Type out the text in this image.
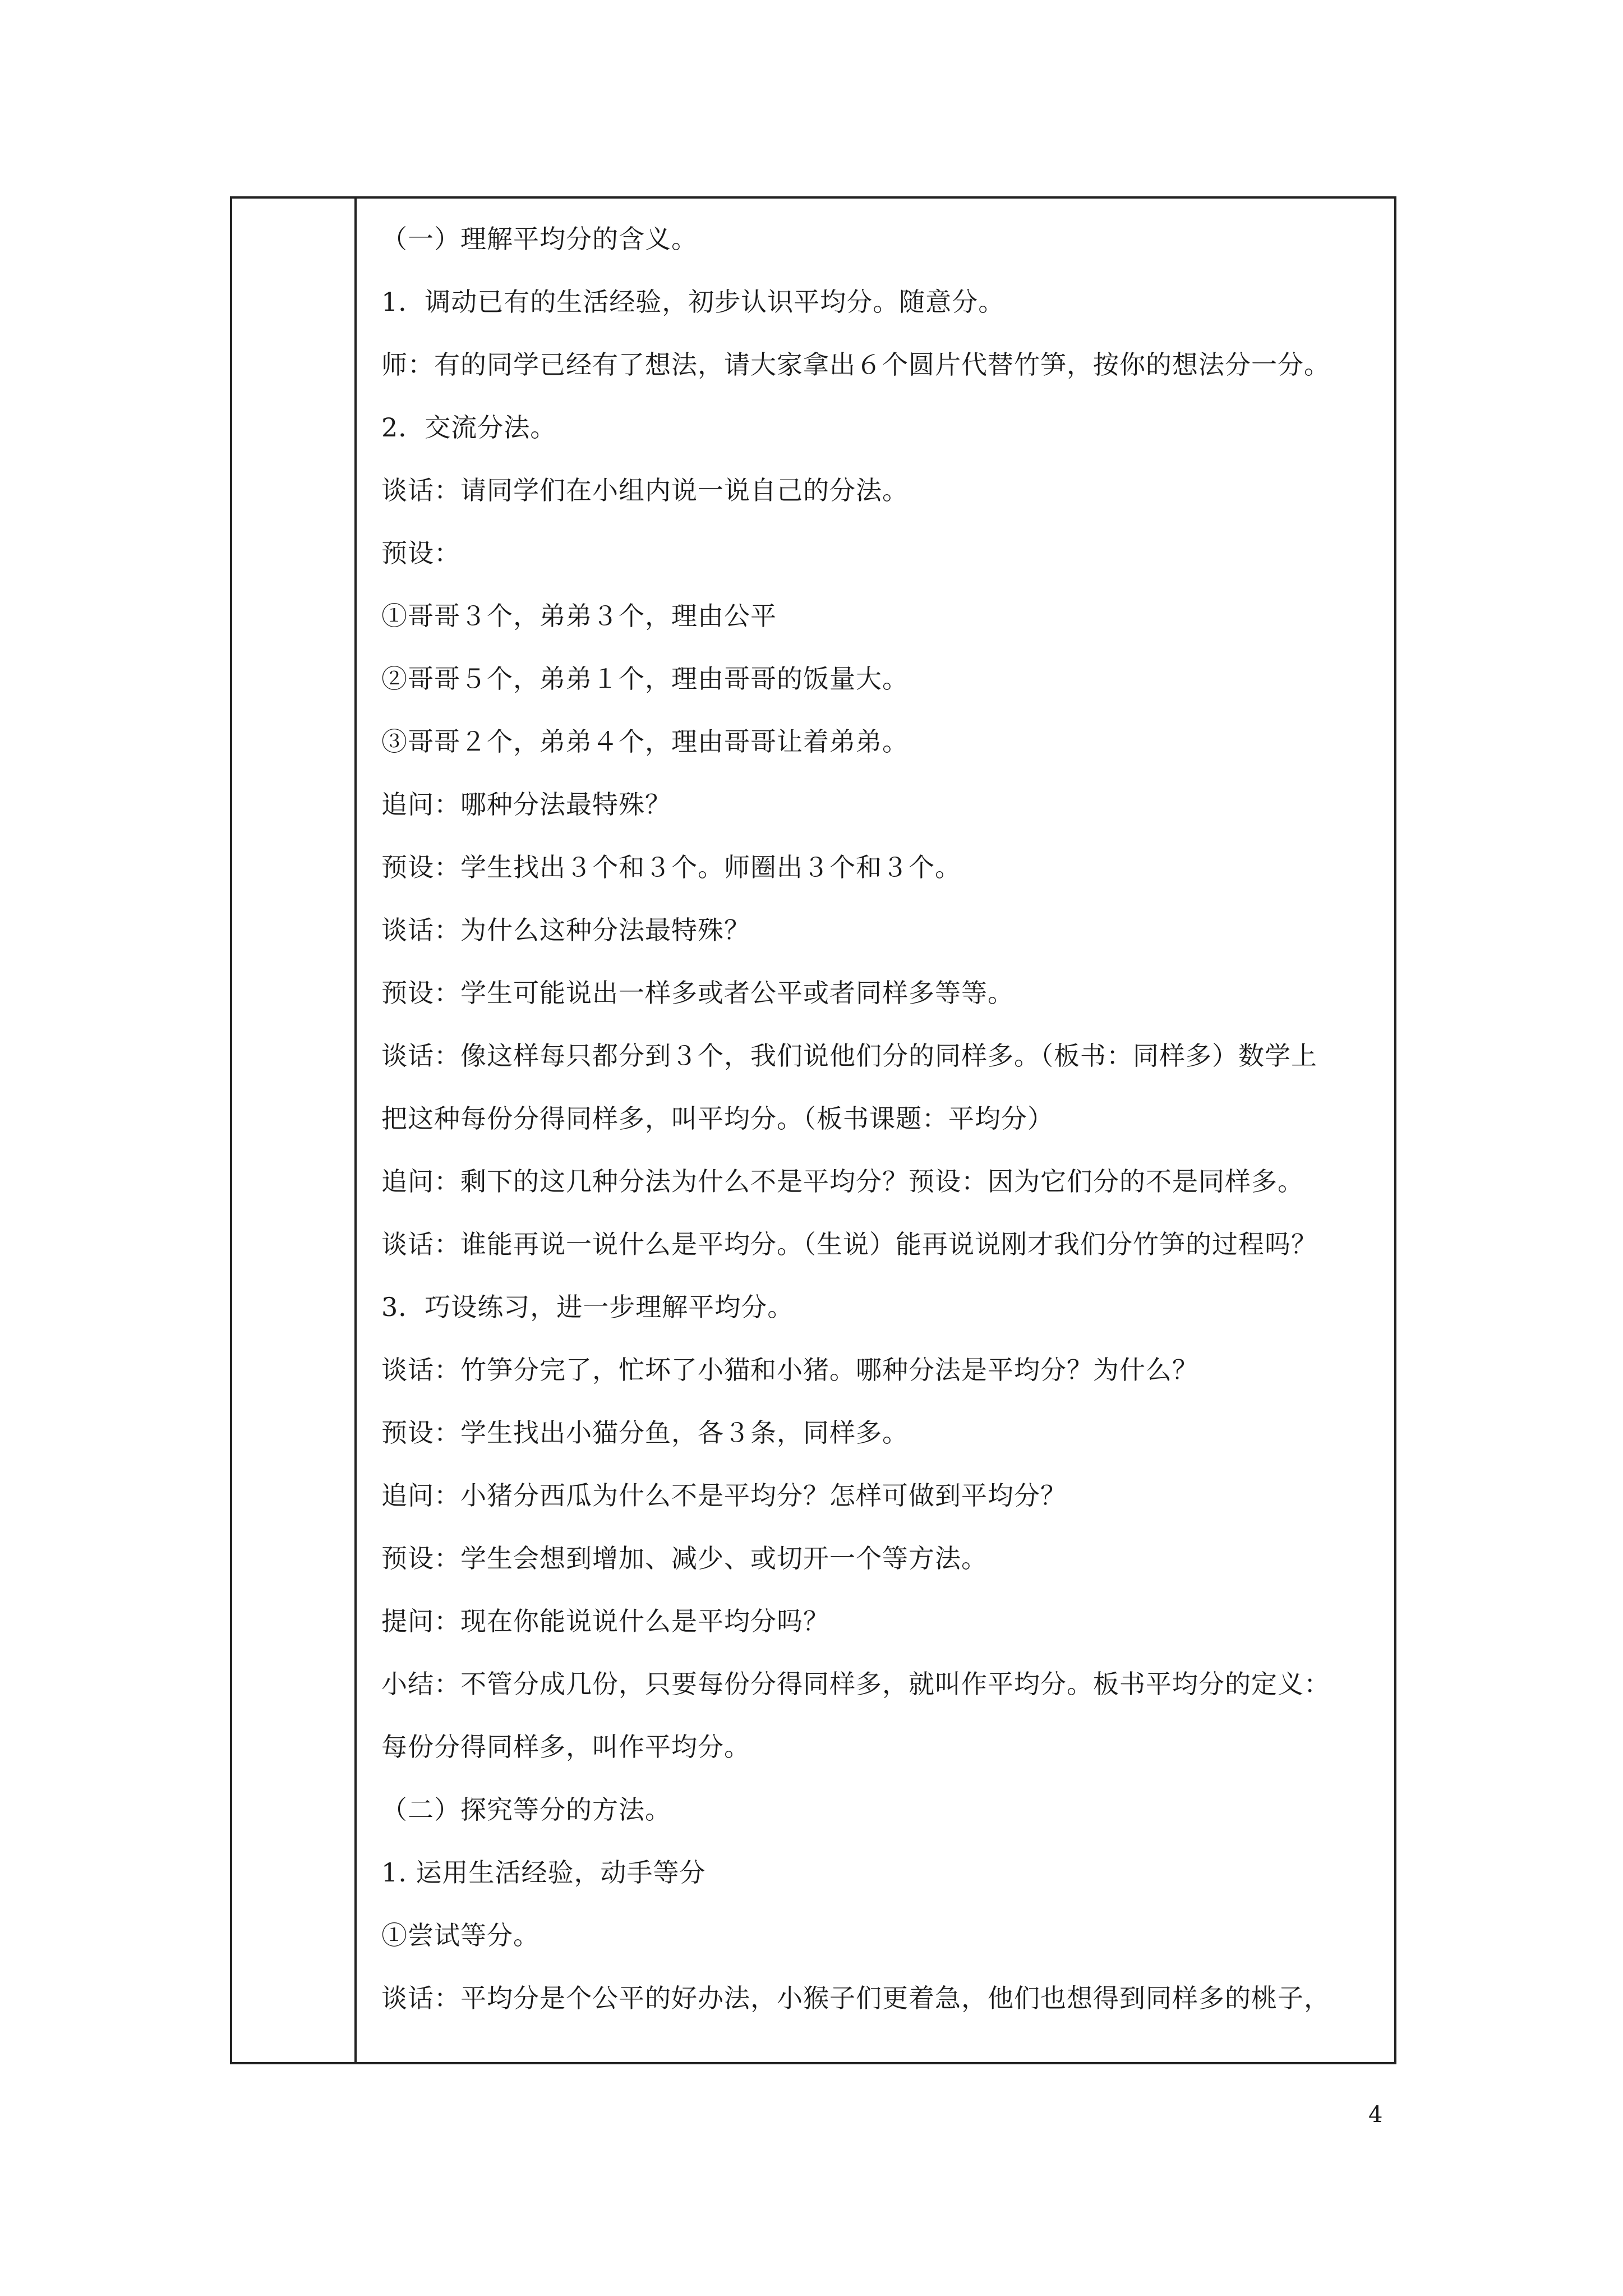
（一）理解平均分的含义。
1．调动已有的生活经验，初步认识平均分。随意分。
师：有的同学已经有了想法，请大家拿出６个圆片代替竹笋，按你的想法分一分。
2．交流分法。
谈话：请同学们在小组内说一说自己的分法。
预设：
①哥哥３个，弟弟３个，理由公平
②哥哥５个，弟弟１个，理由哥哥的饭量大。
③哥哥２个，弟弟４个，理由哥哥让着弟弟。
追问：哪种分法最特殊？
预设：学生找出３个和３个。师圈出３个和３个。
谈话：为什么这种分法最特殊？
预设：学生可能说出一样多或者公平或者同样多等等。
谈话：像这样每只都分到３个，我们说他们分的同样多。（板书：同样多）数学上
把这种每份分得同样多，叫平均分。（板书课题：平均分）
追问：剩下的这几种分法为什么不是平均分？预设：因为它们分的不是同样多。
谈话：谁能再说一说什么是平均分。（生说）能再说说刚才我们分竹笋的过程吗？
3．巧设练习，进一步理解平均分。
谈话：竹笋分完了，忙坏了小猫和小猪。哪种分法是平均分？为什么？
预设：学生找出小猫分鱼，各３条，同样多。
追问：小猪分西瓜为什么不是平均分？怎样可做到平均分？
预设：学生会想到增加、减少、或切开一个等方法。
提问：现在你能说说什么是平均分吗？
小结：不管分成几份，只要每份分得同样多，就叫作平均分。板书平均分的定义：
每份分得同样多，叫作平均分。
（二）探究等分的方法。
1. 运用生活经验，动手等分
①尝试等分。
谈话：平均分是个公平的好办法，小猴子们更着急，他们也想得到同样多的桃子，
4
